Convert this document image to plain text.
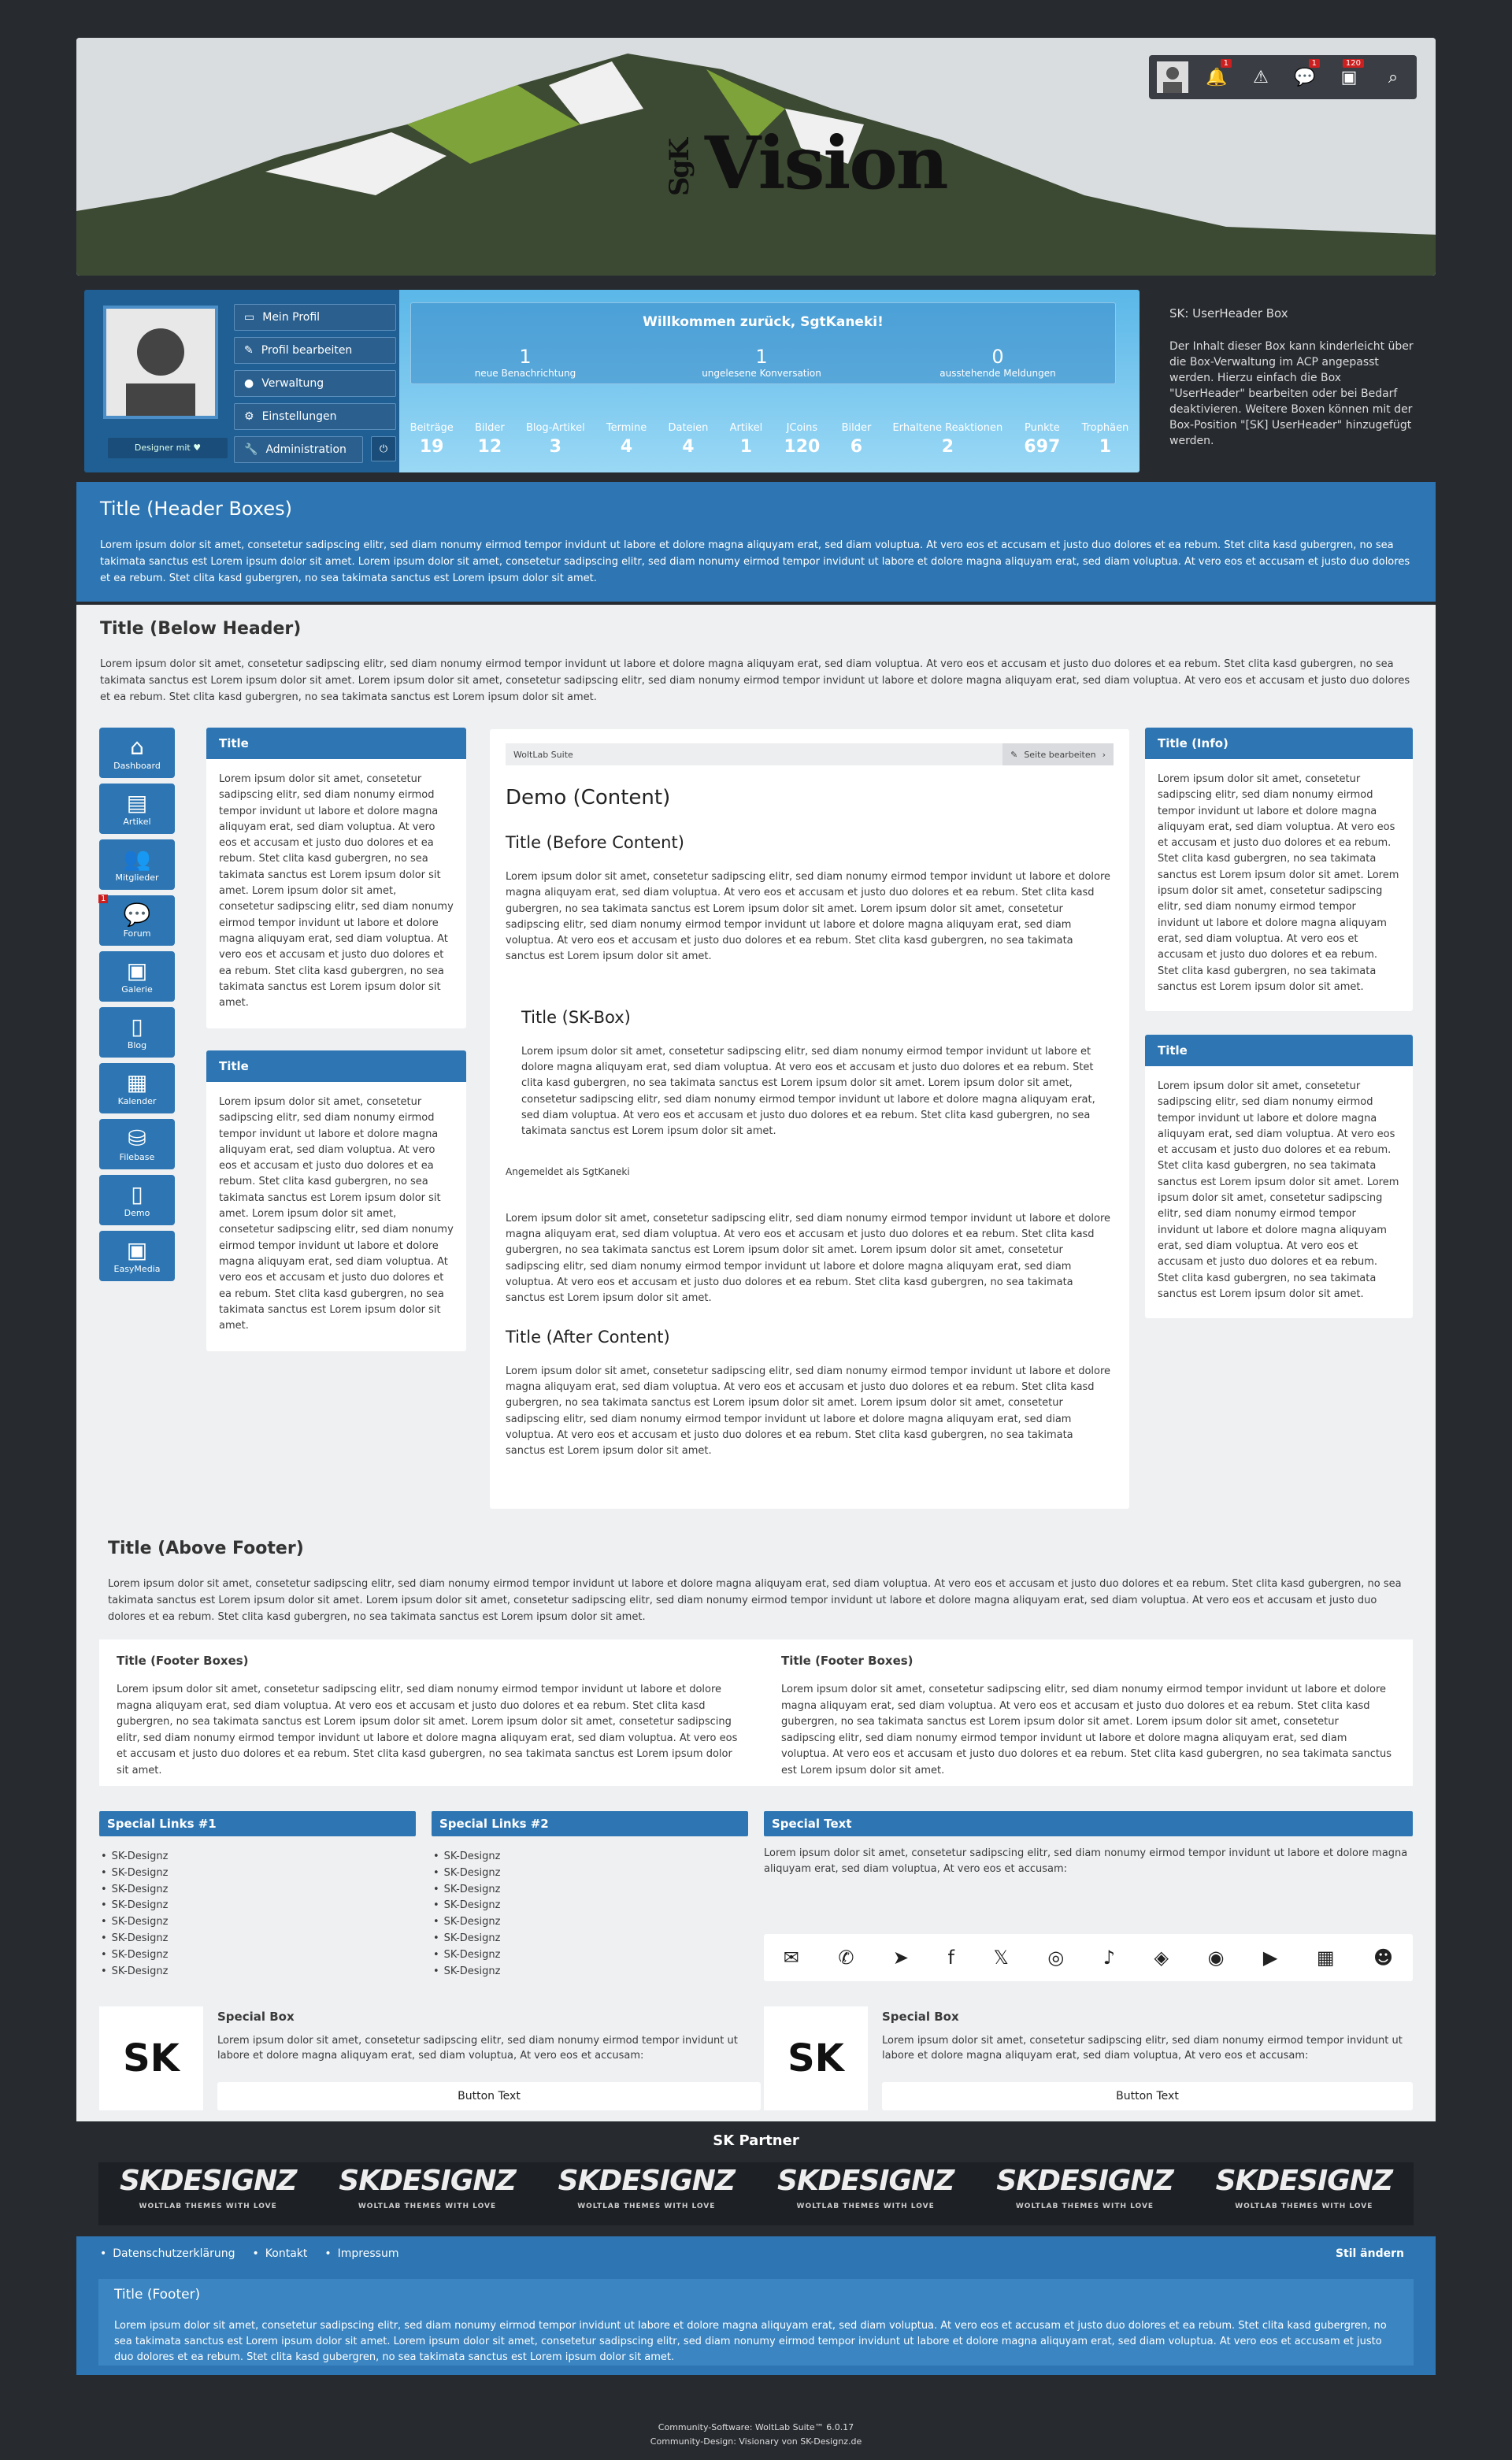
SgK Vision
🔔
1
⚠	💬
1
▣
120
⌕
Designer mit ♥
▭ Mein Profil
✎ Profil bearbeiten
● Verwaltung
⚙ Einstellungen
🔧 Administration	⏻
Willkommen zurück, SgtKaneki!
1
neue Benachrichtung
1
ungelesene Konversation
0
ausstehende Meldungen
Beiträge
19
Bilder
12
Blog-Artikel
3
Termine
4
Dateien
4
Artikel
1
JCoins
120
Bilder
6
Erhaltene Reaktionen
2
Punkte
697
Trophäen
1
SK: UserHeader Box

Der Inhalt dieser Box kann kinderleicht über die Box-Verwaltung im ACP angepasst werden. Hierzu einfach die Box "UserHeader" bearbeiten oder bei Bedarf deaktivieren. Weitere Boxen können mit der Box-Position "[SK] UserHeader" hinzugefügt werden.

Title (Header Boxes)

Lorem ipsum dolor sit amet, consetetur sadipscing elitr, sed diam nonumy eirmod tempor invidunt ut labore et dolore magna aliquyam erat, sed diam voluptua. At vero eos et accusam et justo duo dolores et ea rebum. Stet clita kasd gubergren, no sea takimata sanctus est Lorem ipsum dolor sit amet. Lorem ipsum dolor sit amet, consetetur sadipscing elitr, sed diam nonumy eirmod tempor invidunt ut labore et dolore magna aliquyam erat, sed diam voluptua. At vero eos et accusam et justo duo dolores et ea rebum. Stet clita kasd gubergren, no sea takimata sanctus est Lorem ipsum dolor sit amet.

Title (Below Header)

Lorem ipsum dolor sit amet, consetetur sadipscing elitr, sed diam nonumy eirmod tempor invidunt ut labore et dolore magna aliquyam erat, sed diam voluptua. At vero eos et accusam et justo duo dolores et ea rebum. Stet clita kasd gubergren, no sea takimata sanctus est Lorem ipsum dolor sit amet. Lorem ipsum dolor sit amet, consetetur sadipscing elitr, sed diam nonumy eirmod tempor invidunt ut labore et dolore magna aliquyam erat, sed diam voluptua. At vero eos et accusam et justo duo dolores et ea rebum. Stet clita kasd gubergren, no sea takimata sanctus est Lorem ipsum dolor sit amet.

⌂
Dashboard
▤
Artikel
👥
Mitglieder
1
💬
Forum
▣
Galerie
▯
Blog
▦
Kalender
⛁
Filebase
▯
Demo
▣
EasyMedia
Title

Lorem ipsum dolor sit amet, consetetur sadipscing elitr, sed diam nonumy eirmod tempor invidunt ut labore et dolore magna aliquyam erat, sed diam voluptua. At vero eos et accusam et justo duo dolores et ea rebum. Stet clita kasd gubergren, no sea takimata sanctus est Lorem ipsum dolor sit amet. Lorem ipsum dolor sit amet, consetetur sadipscing elitr, sed diam nonumy eirmod tempor invidunt ut labore et dolore magna aliquyam erat, sed diam voluptua. At vero eos et accusam et justo duo dolores et ea rebum. Stet clita kasd gubergren, no sea takimata sanctus est Lorem ipsum dolor sit amet.

Title

Lorem ipsum dolor sit amet, consetetur sadipscing elitr, sed diam nonumy eirmod tempor invidunt ut labore et dolore magna aliquyam erat, sed diam voluptua. At vero eos et accusam et justo duo dolores et ea rebum. Stet clita kasd gubergren, no sea takimata sanctus est Lorem ipsum dolor sit amet. Lorem ipsum dolor sit amet, consetetur sadipscing elitr, sed diam nonumy eirmod tempor invidunt ut labore et dolore magna aliquyam erat, sed diam voluptua. At vero eos et accusam et justo duo dolores et ea rebum. Stet clita kasd gubergren, no sea takimata sanctus est Lorem ipsum dolor sit amet.

WoltLab Suite	✎ Seite bearbeiten ›
Demo (Content)
Title (Before Content)

Lorem ipsum dolor sit amet, consetetur sadipscing elitr, sed diam nonumy eirmod tempor invidunt ut labore et dolore magna aliquyam erat, sed diam voluptua. At vero eos et accusam et justo duo dolores et ea rebum. Stet clita kasd gubergren, no sea takimata sanctus est Lorem ipsum dolor sit amet. Lorem ipsum dolor sit amet, consetetur sadipscing elitr, sed diam nonumy eirmod tempor invidunt ut labore et dolore magna aliquyam erat, sed diam voluptua. At vero eos et accusam et justo duo dolores et ea rebum. Stet clita kasd gubergren, no sea takimata sanctus est Lorem ipsum dolor sit amet.

Title (SK-Box)

Lorem ipsum dolor sit amet, consetetur sadipscing elitr, sed diam nonumy eirmod tempor invidunt ut labore et dolore magna aliquyam erat, sed diam voluptua. At vero eos et accusam et justo duo dolores et ea rebum. Stet clita kasd gubergren, no sea takimata sanctus est Lorem ipsum dolor sit amet. Lorem ipsum dolor sit amet, consetetur sadipscing elitr, sed diam nonumy eirmod tempor invidunt ut labore et dolore magna aliquyam erat, sed diam voluptua. At vero eos et accusam et justo duo dolores et ea rebum. Stet clita kasd gubergren, no sea takimata sanctus est Lorem ipsum dolor sit amet.

Angemeldet als SgtKaneki

Lorem ipsum dolor sit amet, consetetur sadipscing elitr, sed diam nonumy eirmod tempor invidunt ut labore et dolore magna aliquyam erat, sed diam voluptua. At vero eos et accusam et justo duo dolores et ea rebum. Stet clita kasd gubergren, no sea takimata sanctus est Lorem ipsum dolor sit amet. Lorem ipsum dolor sit amet, consetetur sadipscing elitr, sed diam nonumy eirmod tempor invidunt ut labore et dolore magna aliquyam erat, sed diam voluptua. At vero eos et accusam et justo duo dolores et ea rebum. Stet clita kasd gubergren, no sea takimata sanctus est Lorem ipsum dolor sit amet.

Title (After Content)

Lorem ipsum dolor sit amet, consetetur sadipscing elitr, sed diam nonumy eirmod tempor invidunt ut labore et dolore magna aliquyam erat, sed diam voluptua. At vero eos et accusam et justo duo dolores et ea rebum. Stet clita kasd gubergren, no sea takimata sanctus est Lorem ipsum dolor sit amet. Lorem ipsum dolor sit amet, consetetur sadipscing elitr, sed diam nonumy eirmod tempor invidunt ut labore et dolore magna aliquyam erat, sed diam voluptua. At vero eos et accusam et justo duo dolores et ea rebum. Stet clita kasd gubergren, no sea takimata sanctus est Lorem ipsum dolor sit amet.

Title (Info)

Lorem ipsum dolor sit amet, consetetur sadipscing elitr, sed diam nonumy eirmod tempor invidunt ut labore et dolore magna aliquyam erat, sed diam voluptua. At vero eos et accusam et justo duo dolores et ea rebum. Stet clita kasd gubergren, no sea takimata sanctus est Lorem ipsum dolor sit amet. Lorem ipsum dolor sit amet, consetetur sadipscing elitr, sed diam nonumy eirmod tempor invidunt ut labore et dolore magna aliquyam erat, sed diam voluptua. At vero eos et accusam et justo duo dolores et ea rebum. Stet clita kasd gubergren, no sea takimata sanctus est Lorem ipsum dolor sit amet.

Title

Lorem ipsum dolor sit amet, consetetur sadipscing elitr, sed diam nonumy eirmod tempor invidunt ut labore et dolore magna aliquyam erat, sed diam voluptua. At vero eos et accusam et justo duo dolores et ea rebum. Stet clita kasd gubergren, no sea takimata sanctus est Lorem ipsum dolor sit amet. Lorem ipsum dolor sit amet, consetetur sadipscing elitr, sed diam nonumy eirmod tempor invidunt ut labore et dolore magna aliquyam erat, sed diam voluptua. At vero eos et accusam et justo duo dolores et ea rebum. Stet clita kasd gubergren, no sea takimata sanctus est Lorem ipsum dolor sit amet.

Title (Above Footer)

Lorem ipsum dolor sit amet, consetetur sadipscing elitr, sed diam nonumy eirmod tempor invidunt ut labore et dolore magna aliquyam erat, sed diam voluptua. At vero eos et accusam et justo duo dolores et ea rebum. Stet clita kasd gubergren, no sea takimata sanctus est Lorem ipsum dolor sit amet. Lorem ipsum dolor sit amet, consetetur sadipscing elitr, sed diam nonumy eirmod tempor invidunt ut labore et dolore magna aliquyam erat, sed diam voluptua. At vero eos et accusam et justo duo dolores et ea rebum. Stet clita kasd gubergren, no sea takimata sanctus est Lorem ipsum dolor sit amet.

Title (Footer Boxes)

Lorem ipsum dolor sit amet, consetetur sadipscing elitr, sed diam nonumy eirmod tempor invidunt ut labore et dolore magna aliquyam erat, sed diam voluptua. At vero eos et accusam et justo duo dolores et ea rebum. Stet clita kasd gubergren, no sea takimata sanctus est Lorem ipsum dolor sit amet. Lorem ipsum dolor sit amet, consetetur sadipscing elitr, sed diam nonumy eirmod tempor invidunt ut labore et dolore magna aliquyam erat, sed diam voluptua. At vero eos et accusam et justo duo dolores et ea rebum. Stet clita kasd gubergren, no sea takimata sanctus est Lorem ipsum dolor sit amet.

Title (Footer Boxes)

Lorem ipsum dolor sit amet, consetetur sadipscing elitr, sed diam nonumy eirmod tempor invidunt ut labore et dolore magna aliquyam erat, sed diam voluptua. At vero eos et accusam et justo duo dolores et ea rebum. Stet clita kasd gubergren, no sea takimata sanctus est Lorem ipsum dolor sit amet. Lorem ipsum dolor sit amet, consetetur sadipscing elitr, sed diam nonumy eirmod tempor invidunt ut labore et dolore magna aliquyam erat, sed diam voluptua. At vero eos et accusam et justo duo dolores et ea rebum. Stet clita kasd gubergren, no sea takimata sanctus est Lorem ipsum dolor sit amet.

Special Links #1
• SK-Designz
• SK-Designz
• SK-Designz
• SK-Designz
• SK-Designz
• SK-Designz
• SK-Designz
• SK-Designz
Special Links #2
• SK-Designz
• SK-Designz
• SK-Designz
• SK-Designz
• SK-Designz
• SK-Designz
• SK-Designz
• SK-Designz
Special Text

Lorem ipsum dolor sit amet, consetetur sadipscing elitr, sed diam nonumy eirmod tempor invidunt ut labore et dolore magna aliquyam erat, sed diam voluptua, At vero eos et accusam:

✉ ✆ ➤ f 𝕏 ◎ ♪ ◈ ◉ ▶ ▦ ☻
SK
Special Box

Lorem ipsum dolor sit amet, consetetur sadipscing elitr, sed diam nonumy eirmod tempor invidunt ut labore et dolore magna aliquyam erat, sed diam voluptua, At vero eos et accusam:

Button Text
SK
Special Box

Lorem ipsum dolor sit amet, consetetur sadipscing elitr, sed diam nonumy eirmod tempor invidunt ut labore et dolore magna aliquyam erat, sed diam voluptua, At vero eos et accusam:

Button Text
SK Partner
SKDESIGNZ
WOLTLAB THEMES WITH LOVE
SKDESIGNZ
WOLTLAB THEMES WITH LOVE
SKDESIGNZ
WOLTLAB THEMES WITH LOVE
SKDESIGNZ
WOLTLAB THEMES WITH LOVE
SKDESIGNZ
WOLTLAB THEMES WITH LOVE
SKDESIGNZ
WOLTLAB THEMES WITH LOVE
• Datenschutzerklärung	• Kontakt	• Impressum	Stil ändern
Title (Footer)

Lorem ipsum dolor sit amet, consetetur sadipscing elitr, sed diam nonumy eirmod tempor invidunt ut labore et dolore magna aliquyam erat, sed diam voluptua. At vero eos et accusam et justo duo dolores et ea rebum. Stet clita kasd gubergren, no sea takimata sanctus est Lorem ipsum dolor sit amet. Lorem ipsum dolor sit amet, consetetur sadipscing elitr, sed diam nonumy eirmod tempor invidunt ut labore et dolore magna aliquyam erat, sed diam voluptua. At vero eos et accusam et justo duo dolores et ea rebum. Stet clita kasd gubergren, no sea takimata sanctus est Lorem ipsum dolor sit amet.

Community-Software: WoltLab Suite™ 6.0.17
Community-Design: Visionary von SK-Designz.de
